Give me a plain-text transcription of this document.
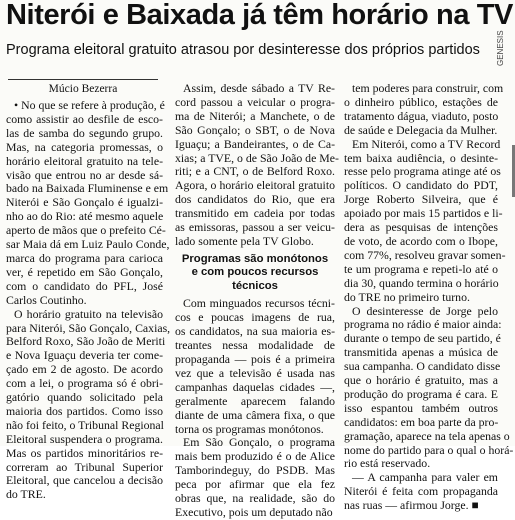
Niterói e Baixada já têm horário na TV
Programa eleitoral gratuito atrasou por desinteresse dos próprios partidos	GENESIS
Múcio Bezerra

• No que se refere à produção, é
como assistir ao desfile de esco-
las de samba do segundo grupo.
Mas, na categoria promessas, o
horário eleitoral gratuito na tele-
visão que entrou no ar desde sá-
bado na Baixada Fluminense e em
Niterói e São Gonçalo é igualzi-
nho ao do Rio: até mesmo aquele
aperto de mãos que o prefeito Cé-
sar Maia dá em Luiz Paulo Conde,
marca do programa para carioca
ver, é repetido em São Gonçalo,
com o candidato do PFL, José
Carlos Coutinho.

O horário gratuito na televisão
para Niterói, São Gonçalo, Caxias,
Belford Roxo, São João de Meriti
e Nova Iguaçu deveria ter come-
çado em 2 de agosto. De acordo
com a lei, o programa só é obri-
gatório quando solicitado pela
maioria dos partidos. Como isso
não foi feito, o Tribunal Regional
Eleitoral suspendera o programa.
Mas os partidos minoritários re-
correram ao Tribunal Superior
Eleitoral, que cancelou a decisão
do TRE.

Assim, desde sábado a TV Re-
cord passou a veicular o progra-
ma de Niterói; a Manchete, o de
São Gonçalo; o SBT, o de Nova
Iguaçu; a Bandeirantes, o de Ca-
xias; a TVE, o de São João de Me-
riti; e a CNT, o de Belford Roxo.
Agora, o horário eleitoral gratuito
dos candidatos do Rio, que era
transmitido em cadeia por todas
as emissoras, passou a ser veicu-
lado somente pela TV Globo.

Programas são monótonos
e com poucos recursos técnicos

Com minguados recursos técni-
cos e poucas imagens de rua,
os candidatos, na sua maioria es-
treantes nessa modalidade de
propaganda — pois é a primeira
vez que a televisão é usada nas
campanhas daquelas cidades —,
geralmente aparecem falando
diante de uma câmera fixa, o que
torna os programas monótonos.

Em São Gonçalo, o programa
mais bem produzido é o de Alice
Tamborindeguy, do PSDB. Mas
peca por afirmar que ela fez
obras que, na realidade, são do
Executivo, pois um deputado não

tem poderes para construir, com
o dinheiro público, estações de
tratamento dágua, viaduto, posto
de saúde e Delegacia da Mulher.

Em Niterói, como a TV Record
tem baixa audiência, o desinte-
resse pelo programa atinge até os
políticos. O candidato do PDT,
Jorge Roberto Silveira, que é
apoiado por mais 15 partidos e li-
dera as pesquisas de intenções
de voto, de acordo com o Ibope,
com 77%, resolveu gravar somen-
te um programa e repeti-lo até o
dia 30, quando termina o horário
do TRE no primeiro turno.

O desinteresse de Jorge pelo
programa no rádio é maior ainda:
durante o tempo de seu partido, é
transmitida apenas a música de
sua campanha. O candidato disse
que o horário é gratuito, mas a
produção do programa é cara. E
isso espantou também outros
candidatos: em boa parte da pro-
gramação, aparece na tela apenas o
nome do partido para o qual o horá-
rio está reservado.

— A campanha para valer em
Niterói é feita com propaganda
nas ruas — afirmou Jorge. ■
